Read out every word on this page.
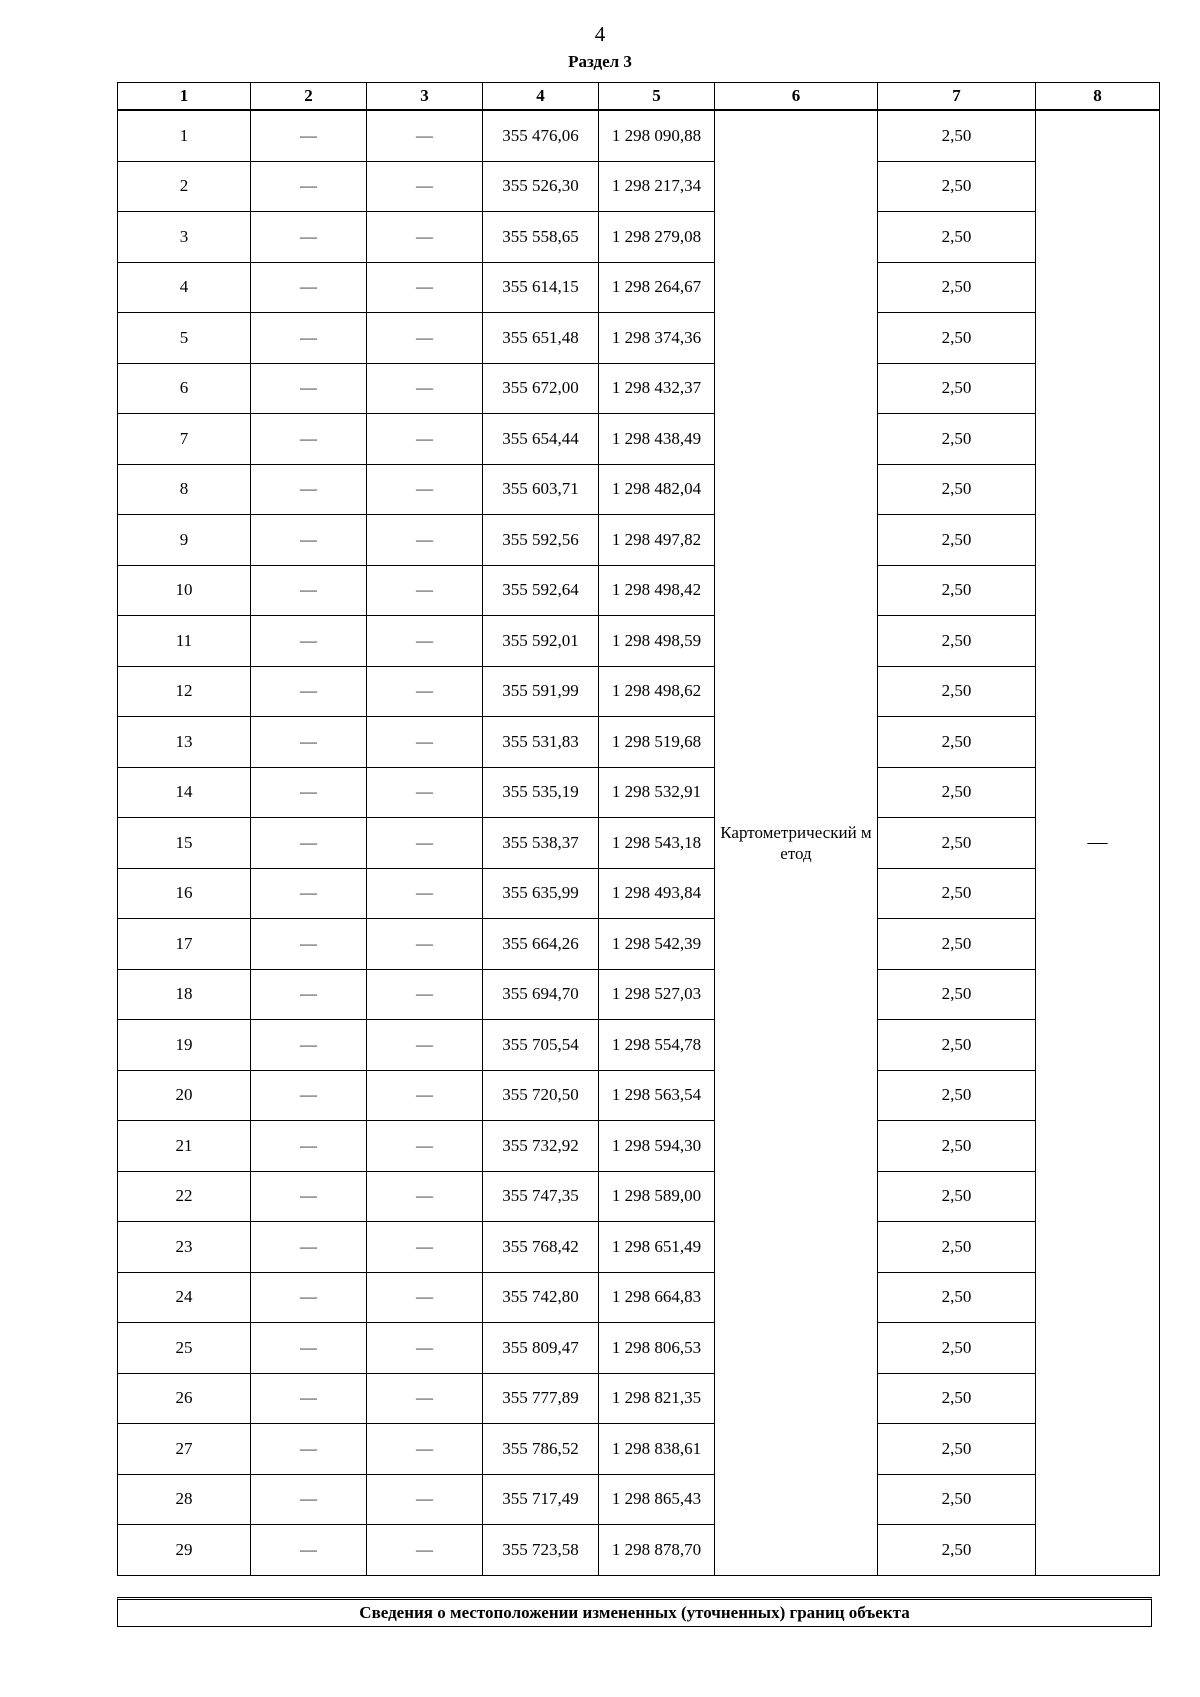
4
Раздел 3
1	2	3	4	5	6	7	8
1	—	—	355 476,06	1 298 090,88	Картометрический метод	2,50	—
2	—	—	355 526,30	1 298 217,34		2,50	
3	—	—	355 558,65	1 298 279,08		2,50	
4	—	—	355 614,15	1 298 264,67		2,50	
5	—	—	355 651,48	1 298 374,36		2,50	
6	—	—	355 672,00	1 298 432,37		2,50	
7	—	—	355 654,44	1 298 438,49		2,50	
8	—	—	355 603,71	1 298 482,04		2,50	
9	—	—	355 592,56	1 298 497,82		2,50	
10	—	—	355 592,64	1 298 498,42		2,50	
11	—	—	355 592,01	1 298 498,59		2,50	
12	—	—	355 591,99	1 298 498,62		2,50	
13	—	—	355 531,83	1 298 519,68		2,50	
14	—	—	355 535,19	1 298 532,91		2,50	
15	—	—	355 538,37	1 298 543,18		2,50	
16	—	—	355 635,99	1 298 493,84		2,50	
17	—	—	355 664,26	1 298 542,39		2,50	
18	—	—	355 694,70	1 298 527,03		2,50	
19	—	—	355 705,54	1 298 554,78		2,50	
20	—	—	355 720,50	1 298 563,54		2,50	
21	—	—	355 732,92	1 298 594,30		2,50	
22	—	—	355 747,35	1 298 589,00		2,50	
23	—	—	355 768,42	1 298 651,49		2,50	
24	—	—	355 742,80	1 298 664,83		2,50	
25	—	—	355 809,47	1 298 806,53		2,50	
26	—	—	355 777,89	1 298 821,35		2,50	
27	—	—	355 786,52	1 298 838,61		2,50	
28	—	—	355 717,49	1 298 865,43		2,50	
29	—	—	355 723,58	1 298 878,70		2,50	
Сведения о местоположении измененных (уточненных) границ объекта
